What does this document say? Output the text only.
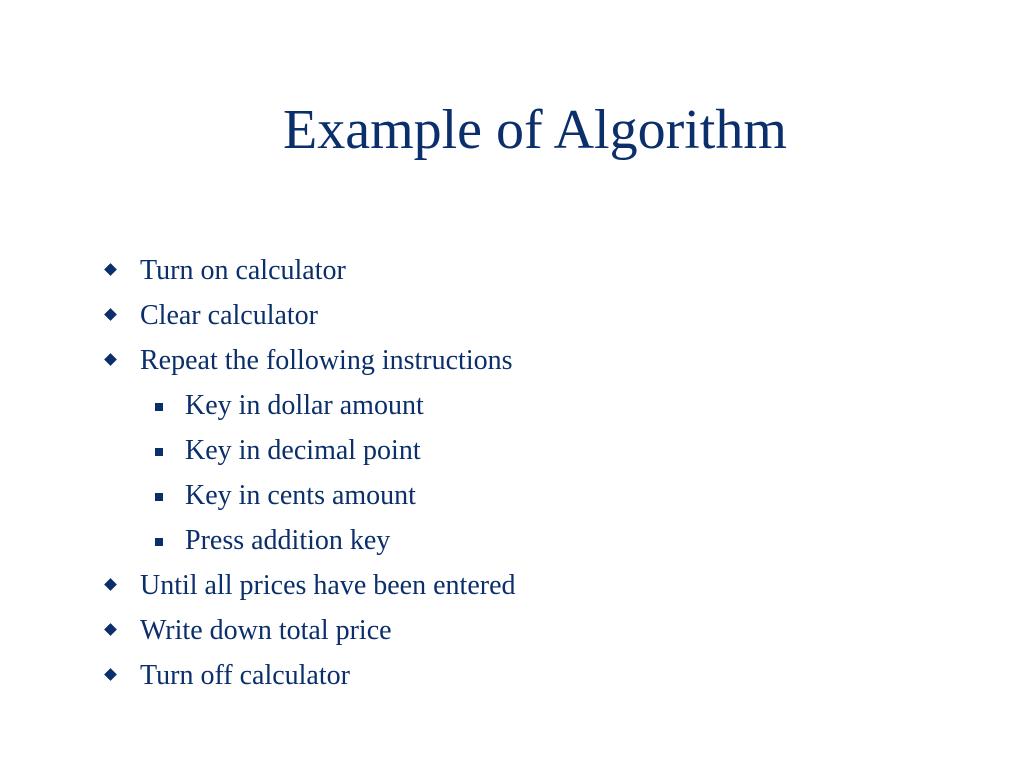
Example of Algorithm
Turn on calculator
Clear calculator
Repeat the following instructions
Key in dollar amount
Key in decimal point
Key in cents amount
Press addition key
Until all prices have been entered
Write down total price
Turn off calculator
